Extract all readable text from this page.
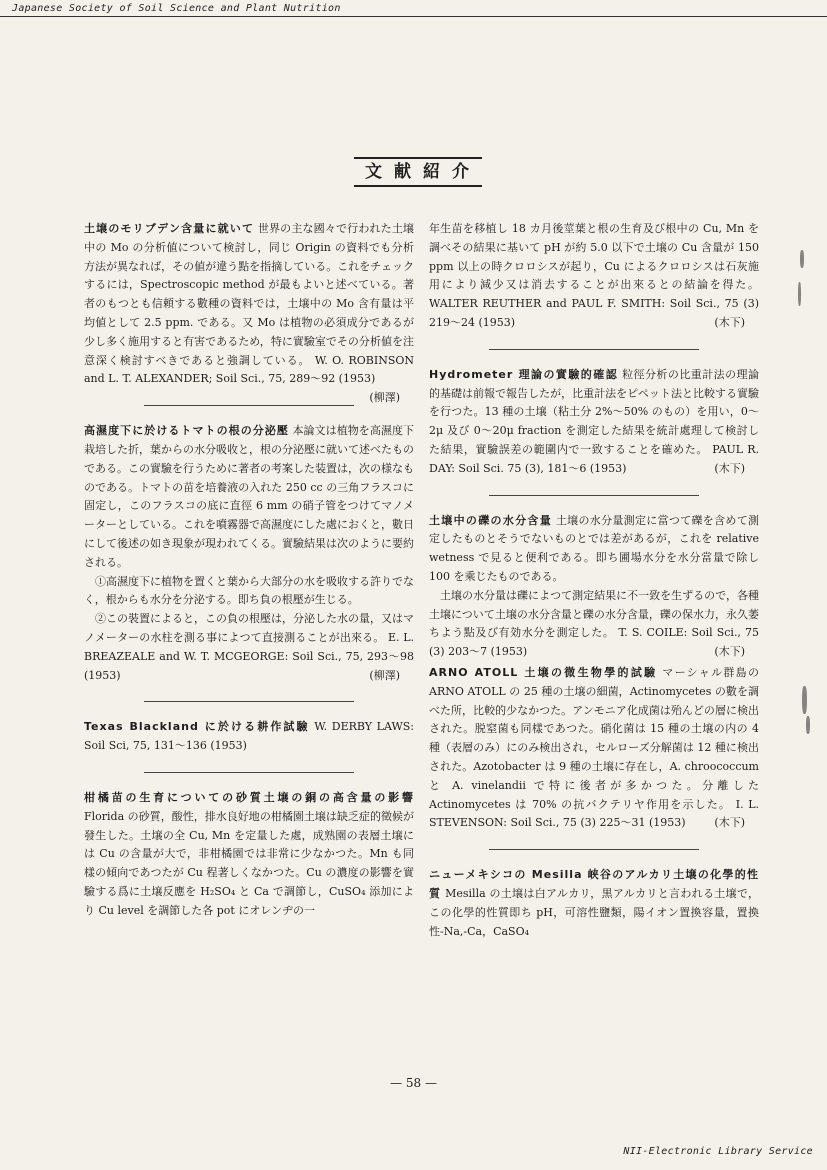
Japanese Society of Soil Science and Plant Nutrition
文献紹介

土壌のモリブデン含量に就いて 世界の主な國々で行われた土壌中の Mo の分析値について検討し，同じ Origin の資料でも分析方法が異なれば，その値が違う點を指摘している。これをチェックするには，Spectroscopic method が最もよいと述べている。著者のもつとも信頼する數種の資料では，土壌中の Mo 含有量は平均値として 2.5 ppm. である。又 Mo は植物の必須成分であるが少し多く施用すると有害であるため，特に實驗室でその分析値を注意深く検討すべきであると強調している。 W. O. ROBINSON and L. T. ALEXANDER; Soil Sci., 75, 289～92 (1953)
(柳澤)

高濕度下に於けるトマトの根の分泌壓 本論文は植物を高濕度下栽培した折，葉からの水分吸收と，根の分泌壓に就いて述べたものである。この實驗を行うために著者の考案した装置は，次の様なものである。トマトの苗を培養液の入れた 250 cc の三角フラスコに固定し，このフラスコの底に直徑 6 mm の硝子管をつけてマノメーターとしている。これを噴霧器で高濕度にした處におくと，數日にして後述の如き現象が現われてくる。實驗結果は次のように要約される。

①高濕度下に植物を置くと葉から大部分の水を吸收する許りでなく，根からも水分を分泌する。即ち負の根壓が生じる。

②この裝置によると，この負の根壓は，分泌した水の量，又はマノメーターの水柱を測る事によつて直接測ることが出來る。 E. L. BREAZEALE and W. T. MCGEORGE: Soil Sci., 75, 293～98 (1953)	(柳澤)

Texas Blackland に於ける耕作試驗 W. DERBY LAWS: Soil Sci, 75, 131～136 (1953)

柑橘苗の生育についての砂質土壌の銅の高含量の影響 Florida の砂質，酸性，排水良好地の柑橘園土壌は缺乏症的徵候が發生した。土壌の全 Cu, Mn を定量した處，成熟園の表層土壌には Cu の含量が大で，非柑橘園では非常に少なかつた。Mn も同樣の傾向であつたが Cu 程著しくなかつた。Cu の濃度の影響を實驗する爲に土壌反應を H₂SO₄ と Ca で調節し，CuSO₄ 添加により Cu level を調節した各 pot にオレンヂの一

年生苗を移植し 18 カ月後莖葉と根の生育及び根中の Cu, Mn を調べその結果に基いて pH が約 5.0 以下で土壌の Cu 含量が 150 ppm 以上の時クロロシスが起り，Cu によるクロロシスは石灰施用により減少又は消去することが出來るとの結論を得た。 WALTER REUTHER and PAUL F. SMITH: Soil Sci., 75 (3) 219～24 (1953)	(木下)

Hydrometer 理論の實驗的確認 粒徑分析の比重計法の理論的基礎は前報で報告したが，比重計法をピペット法と比較する實驗を行つた。13 種の土壌（粘土分 2%～50% のもの）を用い，0～2μ 及び 0～20μ fraction を測定した結果を統計處理して検討した結果，實驗誤差の範圍内で一致することを確めた。 PAUL R. DAY: Soil Sci. 75 (3), 181～6 (1953)	(木下)

土壌中の礫の水分含量 土壌の水分量測定に當つて礫を含めて測定したものとそうでないものとでは差があるが，これを relative wetness で見ると便利である。即ち圃場水分を水分當量で除し 100 を乘じたものである。

土壌の水分量は礫によつて測定結果に不一致を生ずるので，各種土壌について土壌の水分含量と礫の水分含量，礫の保水力，永久萎ちよう點及び有効水分を測定した。 T. S. COILE: Soil Sci., 75 (3) 203～7 (1953)	(木下)

ARNO ATOLL 土壌の微生物學的試驗 マーシャル群島の ARNO ATOLL の 25 種の土壌の細菌，Actinomycetes の數を調べた所，比較的少なかつた。アンモニア化成菌は殆んどの層に検出された。脱窒菌も同樣であつた。硝化菌は 15 種の土壌の内の 4 種（表層のみ）にのみ検出され，セルローズ分解菌は 12 種に検出された。Azotobacter は 9 種の土壌に存在し，A. chroococcum と A. vinelandii で特に後者が多かつた。分離した Actinomycetes は 70% の抗バクテリヤ作用を示した。 I. L. STEVENSON: Soil Sci., 75 (3) 225～31 (1953)	(木下)

ニューメキシコの Mesilla 峡谷のアルカリ土壌の化學的性質 Mesilla の土壌は白アルカリ，黒アルカリと言われる土壌で，この化學的性質即ち pH，可溶性鹽類，陽イオン置換容量，置換性-Na,-Ca，CaSO₄

— 58 —
NII-Electronic Library Service
